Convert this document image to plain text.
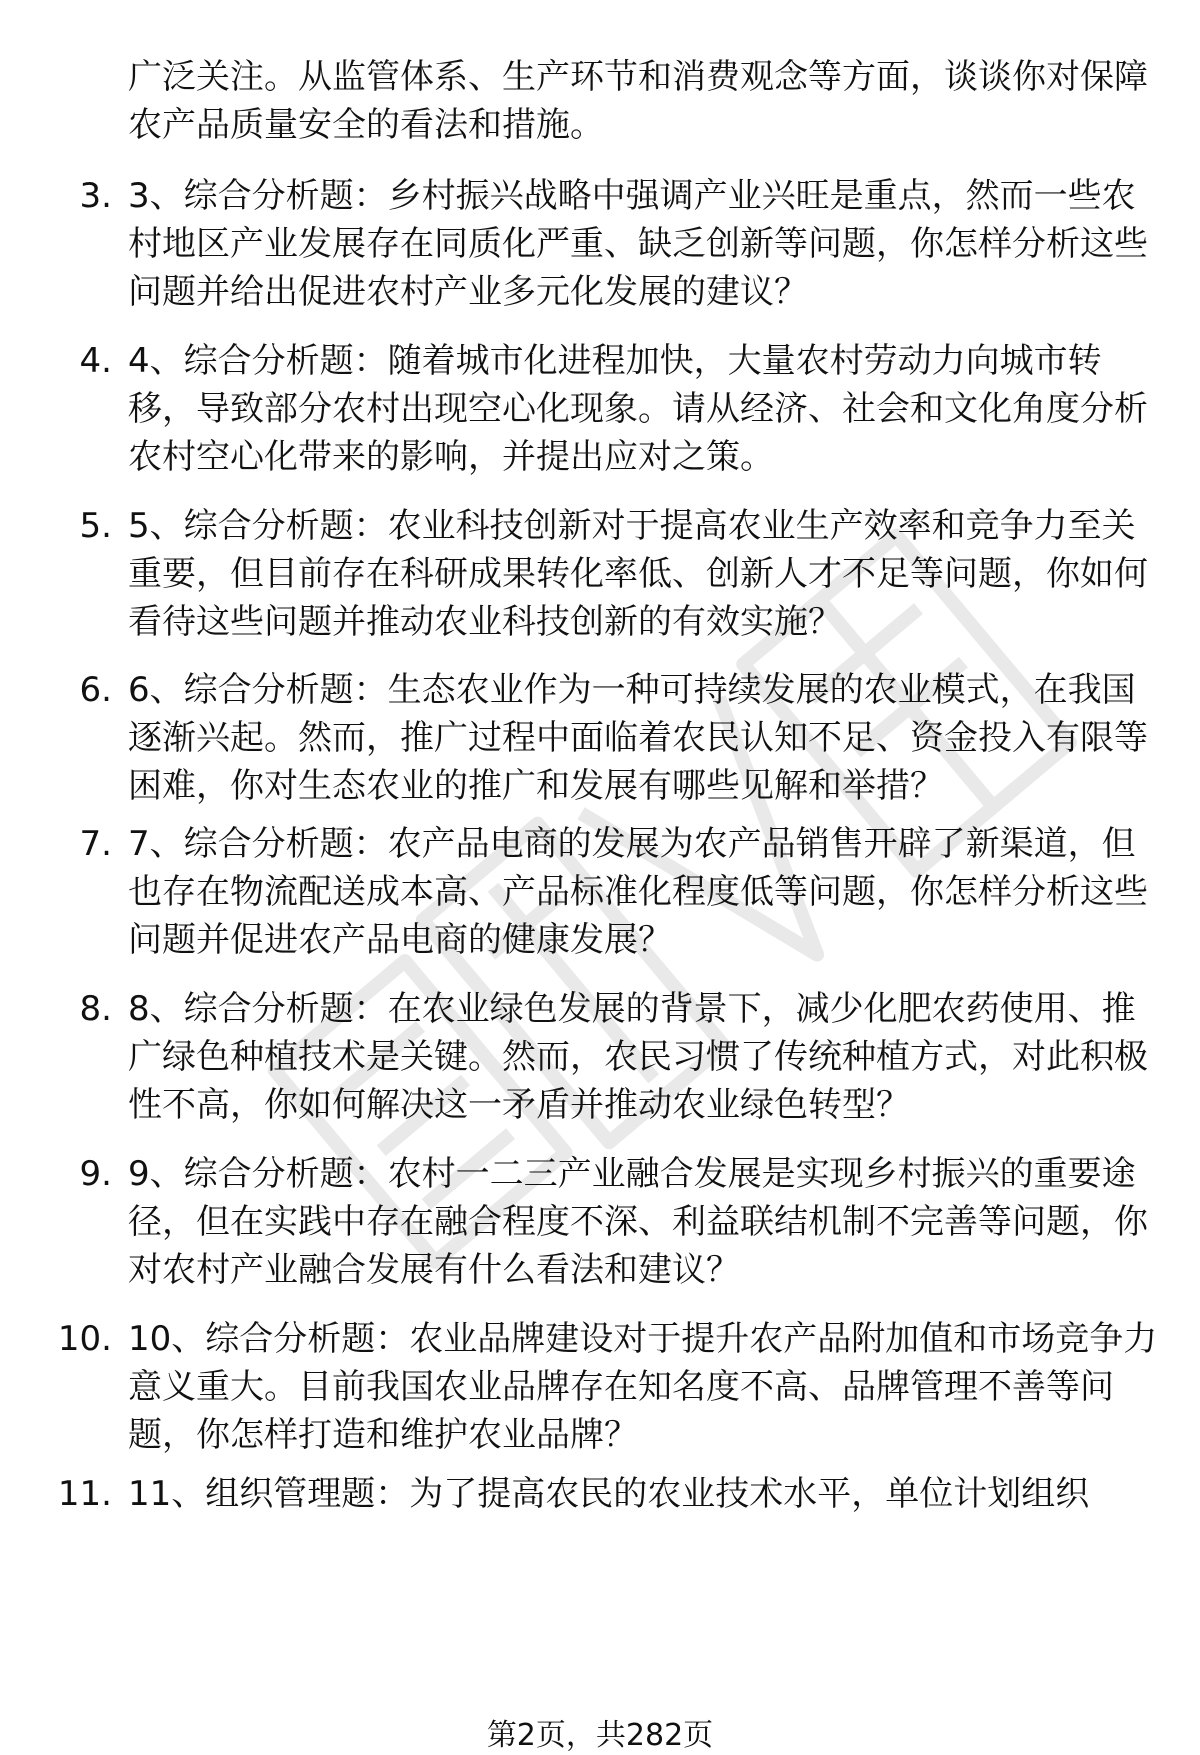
广泛关注。从监管体系、生产环节和消费观念等方面，谈谈你对保障农产品质量安全的看法和措施。
3. 3、综合分析题：乡村振兴战略中强调产业兴旺是重点，然而一些农村地区产业发展存在同质化严重、缺乏创新等问题，你怎样分析这些问题并给出促进农村产业多元化发展的建议？
4. 4、综合分析题：随着城市化进程加快，大量农村劳动力向城市转移，导致部分农村出现空心化现象。请从经济、社会和文化角度分析农村空心化带来的影响，并提出应对之策。
5. 5、综合分析题：农业科技创新对于提高农业生产效率和竞争力至关重要，但目前存在科研成果转化率低、创新人才不足等问题，你如何看待这些问题并推动农业科技创新的有效实施？
6. 6、综合分析题：生态农业作为一种可持续发展的农业模式，在我国逐渐兴起。然而，推广过程中面临着农民认知不足、资金投入有限等困难，你对生态农业的推广和发展有哪些见解和举措？
7. 7、综合分析题：农产品电商的发展为农产品销售开辟了新渠道，但也存在物流配送成本高、产品标准化程度低等问题，你怎样分析这些问题并促进农产品电商的健康发展？
8. 8、综合分析题：在农业绿色发展的背景下，减少化肥农药使用、推广绿色种植技术是关键。然而，农民习惯了传统种植方式，对此积极性不高，你如何解决这一矛盾并推动农业绿色转型？
9. 9、综合分析题：农村一二三产业融合发展是实现乡村振兴的重要途径，但在实践中存在融合程度不深、利益联结机制不完善等问题，你对农村产业融合发展有什么看法和建议？
10. 10、综合分析题：农业品牌建设对于提升农产品附加值和市场竞争力意义重大。目前我国农业品牌存在知名度不高、品牌管理不善等问题，你怎样打造和维护农业品牌？
11. 11、组织管理题：为了提高农民的农业技术水平，单位计划组织
第2页，共282页
